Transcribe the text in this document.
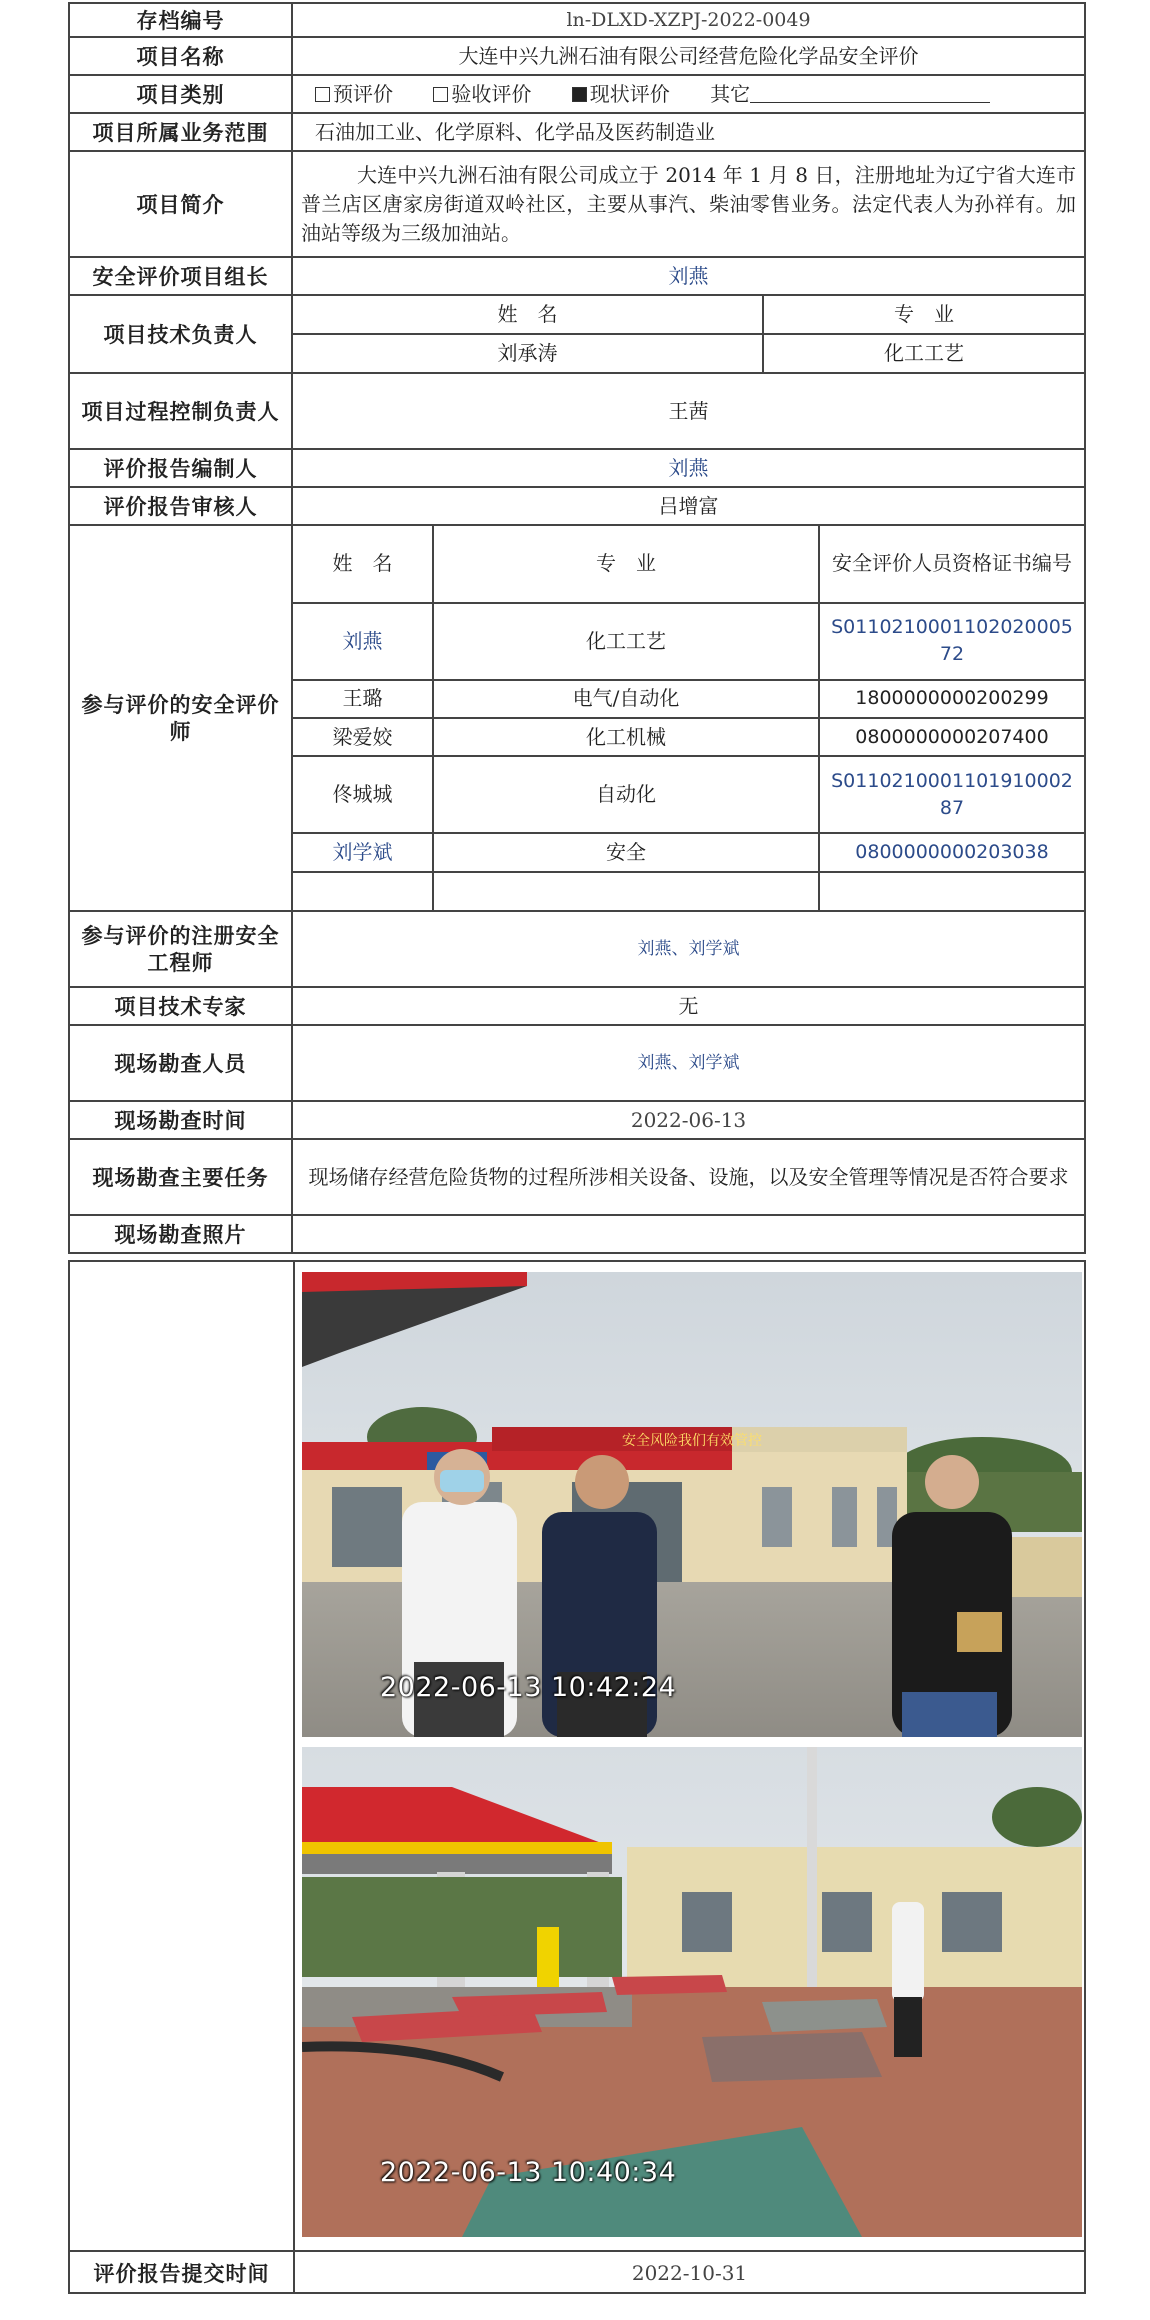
存档编号	ln-DLXD-XZPJ-2022-0049
项目名称	大连中兴九洲石油有限公司经营危险化学品安全评价
项目类别	预评价	验收评价	现状评价 其它
项目所属业务范围	石油加工业、化学原料、化学品及医药制造业
项目简介	大连中兴九洲石油有限公司成立于 2014 年 1 月 8 日，注册地址为辽宁省大连市普兰店区唐家房街道双岭社区，主要从事汽、柴油零售业务。法定代表人为孙祥有。加油站等级为三级加油站。
安全评价项目组长	刘燕
项目技术负责人	
姓　名	专　业
刘承涛	化工工艺

项目过程控制负责人	王茜
评价报告编制人	刘燕
评价报告审核人	吕增富
参与评价的安全评价师	
姓　名	专　业	安全评价人员资格证书编号
刘燕	化工工艺	S011021000110202000572
王璐	电气/自动化	1800000000200299
梁爱姣	化工机械	0800000000207400
佟城城	自动化	S011021000110191000287
刘学斌	安全	0800000000203038

参与评价的注册安全工程师	刘燕、刘学斌
项目技术专家	无
现场勘查人员	刘燕、刘学斌
现场勘查时间	2022-06-13
现场勘查主要任务	现场储存经营危险货物的过程所涉相关设备、设施，以及安全管理等情况是否符合要求
现场勘查照片	
安全风险我们有效管控
2022-06-13 10:42:24
2022-06-13 10:40:34
评价报告提交时间	2022-10-31
